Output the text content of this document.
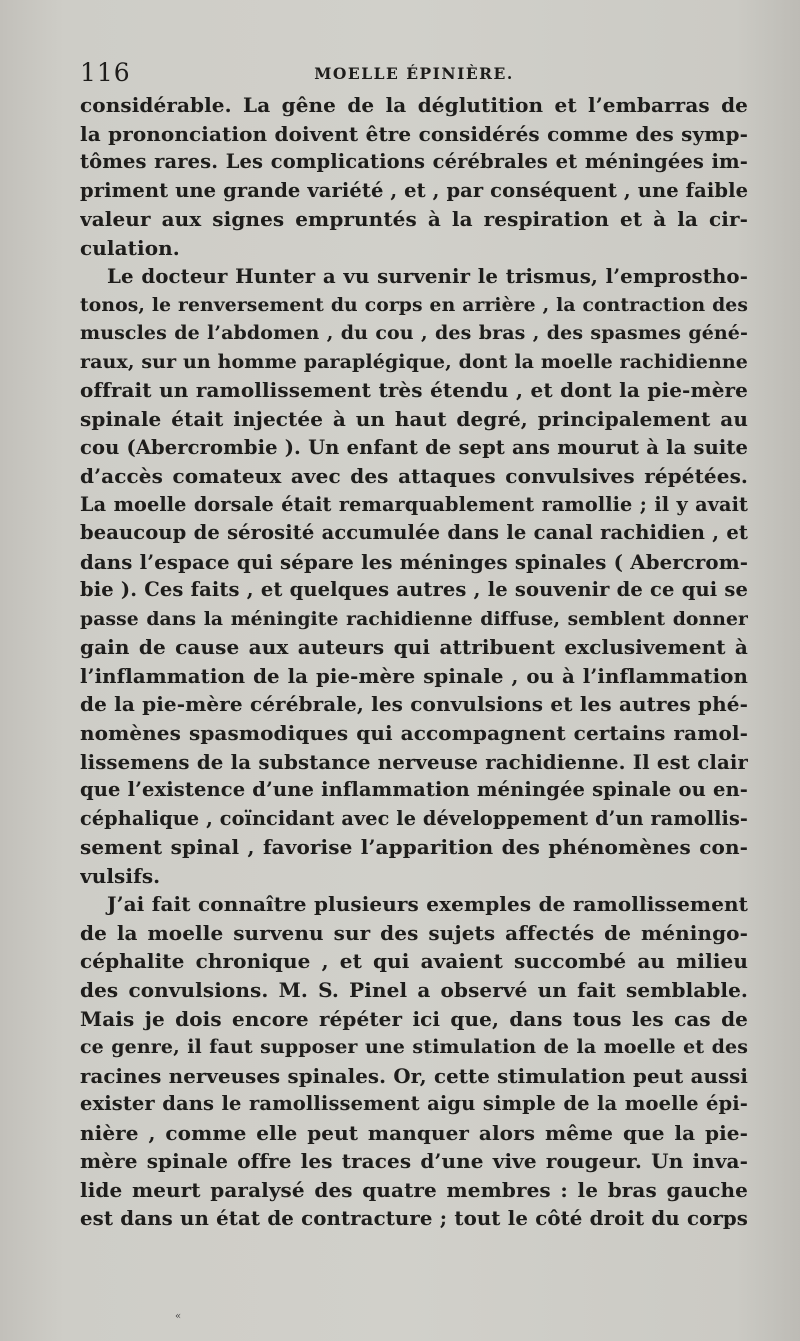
116	MOELLE ÉPINIÈRE.
considérable. La gêne de la déglutition et l’embarras de
la prononciation doivent être considérés comme des symp-
tômes rares. Les complications cérébrales et méningées im-
priment une grande variété , et , par conséquent , une faible
valeur aux signes empruntés à la respiration et à la cir-
culation.
Le docteur Hunter a vu survenir le trismus, l’emprostho-
tonos, le renversement du corps en arrière , la contraction des
muscles de l’abdomen , du cou , des bras , des spasmes géné-
raux, sur un homme paraplégique, dont la moelle rachidienne
offrait un ramollissement très étendu , et dont la pie-mère
spinale était injectée à un haut degré, principalement au
cou (Abercrombie ). Un enfant de sept ans mourut à la suite
d’accès comateux avec des attaques convulsives répétées.
La moelle dorsale était remarquablement ramollie ; il y avait
beaucoup de sérosité accumulée dans le canal rachidien , et
dans l’espace qui sépare les méninges spinales ( Abercrom-
bie ). Ces faits , et quelques autres , le souvenir de ce qui se
passe dans la méningite rachidienne diffuse, semblent donner
gain de cause aux auteurs qui attribuent exclusivement à
l’inflammation de la pie-mère spinale , ou à l’inflammation
de la pie-mère cérébrale, les convulsions et les autres phé-
nomènes spasmodiques qui accompagnent certains ramol-
lissemens de la substance nerveuse rachidienne. Il est clair
que l’existence d’une inflammation méningée spinale ou en-
céphalique , coïncidant avec le développement d’un ramollis-
sement spinal , favorise l’apparition des phénomènes con-
vulsifs.
J’ai fait connaître plusieurs exemples de ramollissement
de la moelle survenu sur des sujets affectés de méningo-
céphalite chronique , et qui avaient succombé au milieu
des convulsions. M. S. Pinel a observé un fait semblable.
Mais je dois encore répéter ici que, dans tous les cas de
ce genre, il faut supposer une stimulation de la moelle et des
racines nerveuses spinales. Or, cette stimulation peut aussi
exister dans le ramollissement aigu simple de la moelle épi-
nière , comme elle peut manquer alors même que la pie-
mère spinale offre les traces d’une vive rougeur. Un inva-
lide meurt paralysé des quatre membres : le bras gauche
est dans un état de contracture ; tout le côté droit du corps
«
